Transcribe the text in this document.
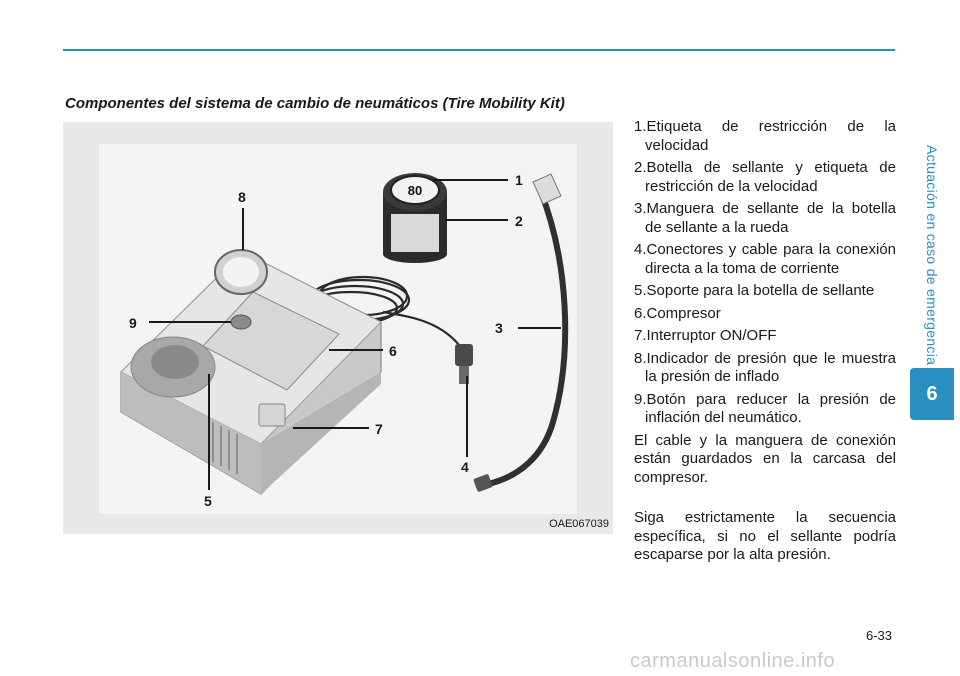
Actuación en caso de emergencia
6
Componentes del sistema de cambio de neumáticos (Tire Mobility Kit)
80
1
2
3
4
5
6
7
8
9
OAE067039
1.Etiqueta de restricción de la velocidad
2.Botella de sellante y etiqueta de restricción de la velocidad
3.Manguera de sellante de la botella de sellante a la rueda
4.Conectores y cable para la conexión directa a la toma de corriente
5.Soporte para la botella de sellante
6.Compresor
7.Interruptor ON/OFF
8.Indicador de presión que le muestra la presión de inflado
9.Botón para reducer la presión de inflación del neumático.

El cable y la manguera de conexión están guardados en la carcasa del compresor.

Siga estrictamente la secuencia específica, si no el sellante podría escaparse por la alta presión.

6-33
carmanualsonline.info
